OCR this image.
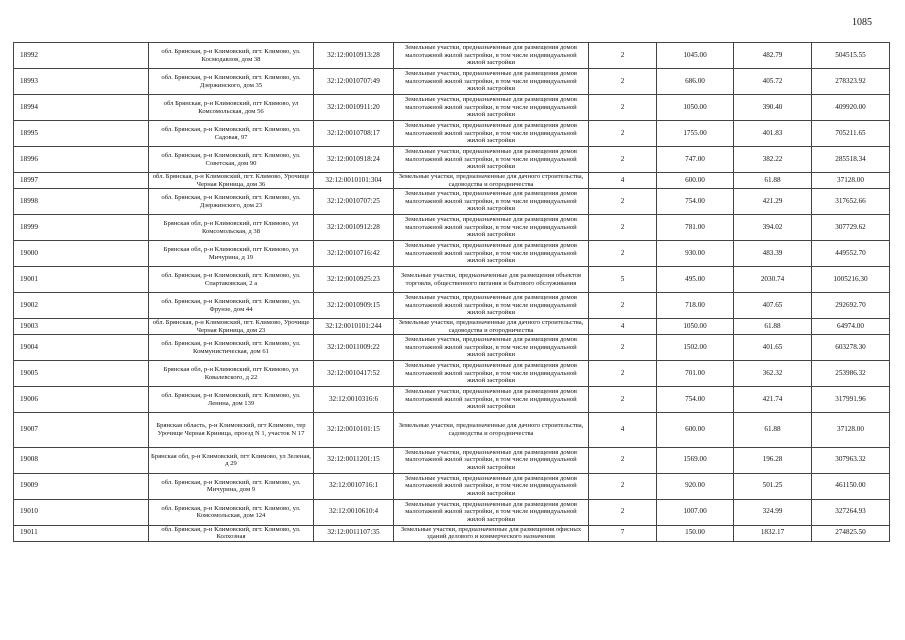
1085
18992	обл. Брянская, р-н Климовский, пгт. Климово, ул. Космодавлов, дом 38	32:12:0010913:28	Земельные участки, предназначенные для размещения домов малоэтажной жилой застройки, в том числе индивидуальной жилой застройки	2	1045.00	482.79	504515.55
18993	обл. Брянская, р-н Климовский, пгт. Климово, ул. Дзержинского, дом 35	32:12:0010707:49	Земельные участки, предназначенные для размещения домов малоэтажной жилой застройки, в том числе индивидуальной жилой застройки	2	686.00	405.72	278323.92
18994	обл Брянская, р-н Климовский, пгт Климово, ул Комсомольская, дом 56	32:12:0010911:20	Земельные участки, предназначенные для размещения домов малоэтажной жилой застройки, в том числе индивидуальной жилой застройки	2	1050.00	390.40	409920.00
18995	обл. Брянская, р-н Климовский, пгт. Климово, ул. Садовая, 97	32:12:0010708:17	Земельные участки, предназначенные для размещения домов малоэтажной жилой застройки, в том числе индивидуальной жилой застройки	2	1755.00	401.83	705211.65
18996	обл. Брянская, р-н Климовский, пгт. Климово, ул. Советская, дом 90	32:12:0010918:24	Земельные участки, предназначенные для размещения домов малоэтажной жилой застройки, в том числе индивидуальной жилой застройки	2	747.00	382.22	285518.34
18997	обл. Брянская, р-н Климовский, пгт. Климово, Урочище Черная Криница, дом 36	32:12:0010101:304	Земельные участки, предназначенные для дачного строительства, садоводства и огородничества	4	600.00	61.88	37128.00
18998	обл. Брянская, р-н Климовский, пгт. Климово, ул. Дзержинского, дом 23	32:12:0010707:25	Земельные участки, предназначенные для размещения домов малоэтажной жилой застройки, в том числе индивидуальной жилой застройки	2	754.00	421.29	317652.66
18999	Брянская обл, р-н Климовский, пгт Климово, ул Комсомольская, д 38	32:12:0010912:28	Земельные участки, предназначенные для размещения домов малоэтажной жилой застройки, в том числе индивидуальной жилой застройки	2	781.00	394.02	307729.62
19000	Брянская обл, р-н Климовский, пгт Климово, ул Мичурина, д 19	32:12:0010716:42	Земельные участки, предназначенные для размещения домов малоэтажной жилой застройки, в том числе индивидуальной жилой застройки	2	930.00	483.39	449552.70
19001	обл. Брянская, р-н Климовский, пгт. Климово, ул. Спартаковская, 2 а	32:12:0010925:23	Земельные участки, предназначенные для размещения объектов торговли, общественного питания и бытового обслуживания	5	495.00	2030.74	1005216.30
19002	обл. Брянская, р-н Климовский, пгт. Климово, ул. Фрунзе, дом 44	32:12:0010909:15	Земельные участки, предназначенные для размещения домов малоэтажной жилой застройки, в том числе индивидуальной жилой застройки	2	718.00	407.65	292692.70
19003	обл. Брянская, р-н Климовский, пгт. Климово, Урочище Черная Криница, дом 23	32:12:0010101:244	Земельные участки, предназначенные для дачного строительства, садоводства и огородничества	4	1050.00	61.88	64974.00
19004	обл. Брянская, р-н Климовский, пгт. Климово, ул. Коммунистическая, дом 61	32:12:0011009:22	Земельные участки, предназначенные для размещения домов малоэтажной жилой застройки, в том числе индивидуальной жилой застройки	2	1502.00	401.65	603278.30
19005	Брянская обл, р-н Климовский, пгт Климово, ул Ковалевского, д 22	32:12:0010417:52	Земельные участки, предназначенные для размещения домов малоэтажной жилой застройки, в том числе индивидуальной жилой застройки	2	701.00	362.32	253986.32
19006	обл. Брянская, р-н Климовский, пгт. Климово, ул. Ленина, дом 139	32:12:0010316:6	Земельные участки, предназначенные для размещения домов малоэтажной жилой застройки, в том числе индивидуальной жилой застройки	2	754.00	421.74	317991.96
19007	Брянская область, р-н Климовский, пгт Климово, тер Урочище Черная Криница, проезд N 1, участок N 17	32:12:0010101:15	Земельные участки, предназначенные для дачного строительства, садоводства и огородничества	4	600.00	61.88	37128.00
19008	Брянская обл, р-н Климовский, пгт Климово, ул Зеленая, д 29	32:12:0011201:15	Земельные участки, предназначенные для размещения домов малоэтажной жилой застройки, в том числе индивидуальной жилой застройки	2	1569.00	196.28	307963.32
19009	обл. Брянская, р-н Климовский, пгт. Климово, ул. Мичурина, дом 9	32:12:0010716:1	Земельные участки, предназначенные для размещения домов малоэтажной жилой застройки, в том числе индивидуальной жилой застройки	2	920.00	501.25	461150.00
19010	обл. Брянская, р-н Климовский, пгт. Климово, ул. Комсомольская, дом 124	32:12:0010610:4	Земельные участки, предназначенные для размещения домов малоэтажной жилой застройки, в том числе индивидуальной жилой застройки	2	1007.00	324.99	327264.93
19011	обл. Брянская, р-н Климовский, пгт. Климово, ул. Колхозная	32:12:0011107:35	Земельные участки, предназначенные для размещения офисных зданий делового и коммерческого назначения	7	150.00	1832.17	274825.50
